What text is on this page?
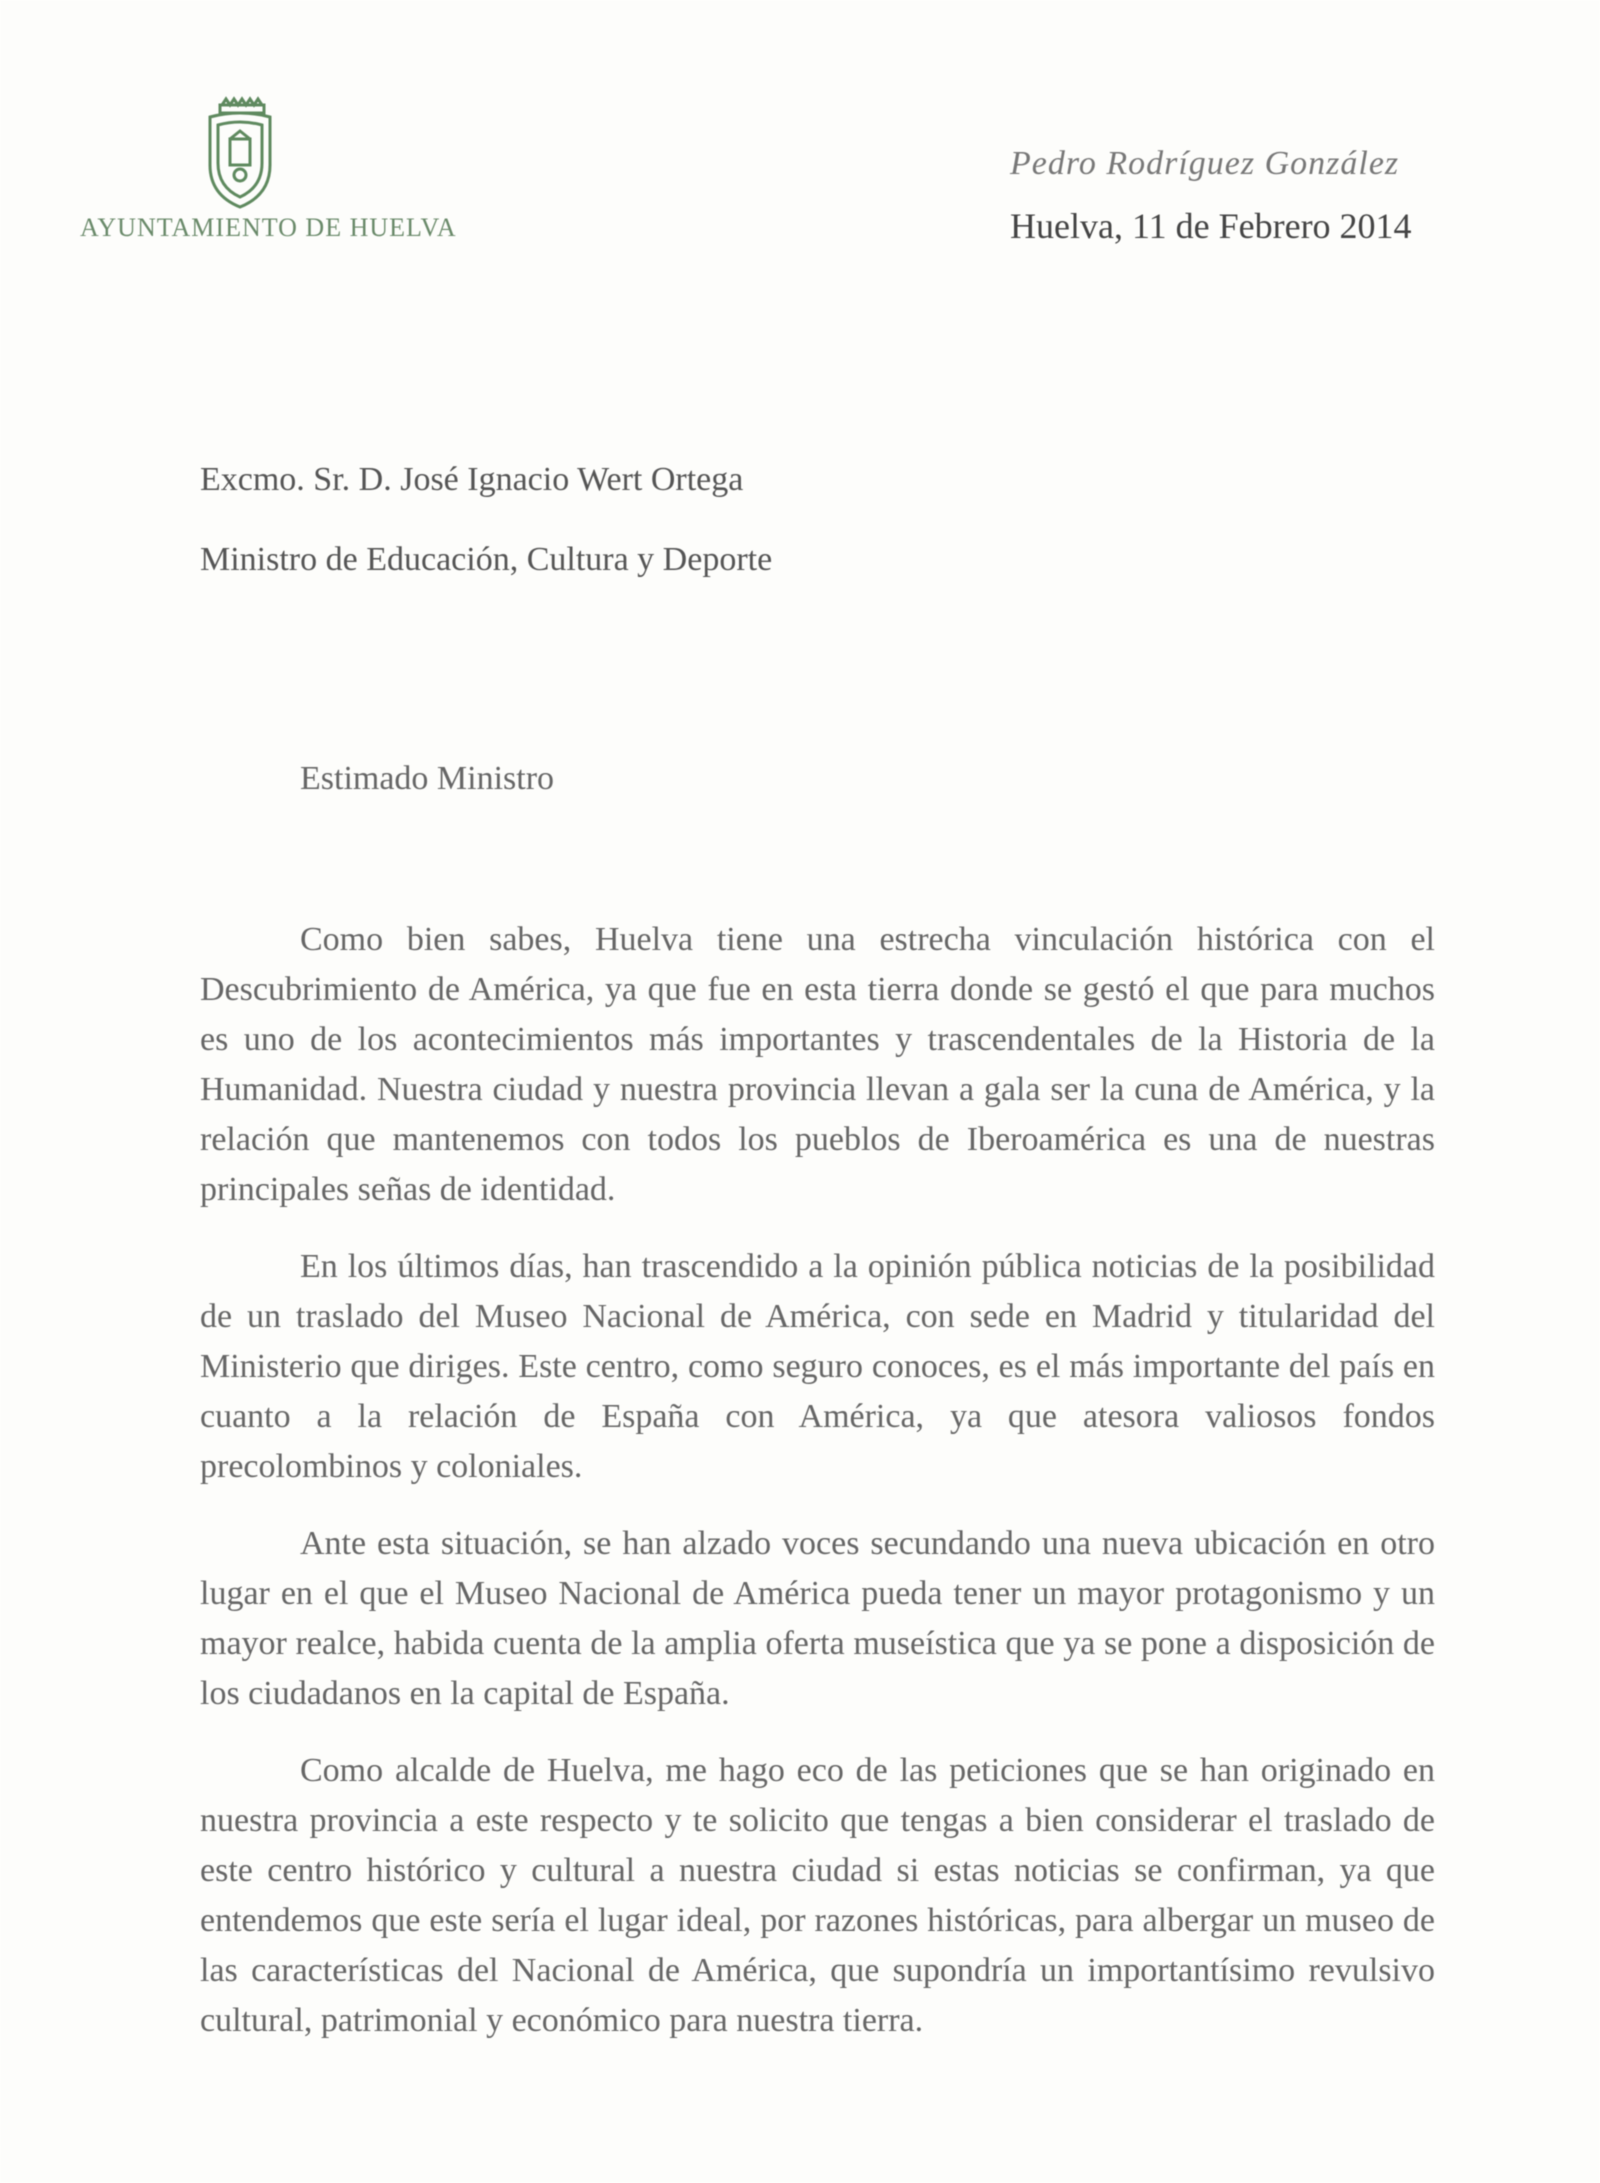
AYUNTAMIENTO DE HUELVA
Pedro Rodríguez González
Huelva, 11 de Febrero 2014
Excmo. Sr. D. José Ignacio Wert Ortega
Ministro de Educación, Cultura y Deporte
Estimado Ministro

Como bien sabes, Huelva tiene una estrecha vinculación histórica con el Descubrimiento de América, ya que fue en esta tierra donde se gestó el que para muchos es uno de los acontecimientos más importantes y trascendentales de la Historia de la Humanidad. Nuestra ciudad y nuestra provincia llevan a gala ser la cuna de América, y la relación que mantenemos con todos los pueblos de Iberoamérica es una de nuestras principales señas de identidad.

En los últimos días, han trascendido a la opinión pública noticias de la posibilidad de un traslado del Museo Nacional de América, con sede en Madrid y titularidad del Ministerio que diriges. Este centro, como seguro conoces, es el más importante del país en cuanto a la relación de España con América, ya que atesora valiosos fondos precolombinos y coloniales.

Ante esta situación, se han alzado voces secundando una nueva ubicación en otro lugar en el que el Museo Nacional de América pueda tener un mayor protagonismo y un mayor realce, habida cuenta de la amplia oferta museística que ya se pone a disposición de los ciudadanos en la capital de España.

Como alcalde de Huelva, me hago eco de las peticiones que se han originado en nuestra provincia a este respecto y te solicito que tengas a bien considerar el traslado de este centro histórico y cultural a nuestra ciudad si estas noticias se confirman, ya que entendemos que este sería el lugar ideal, por razones históricas, para albergar un museo de las características del Nacional de América, que supondría un importantísimo revulsivo cultural, patrimonial y económico para nuestra tierra.
